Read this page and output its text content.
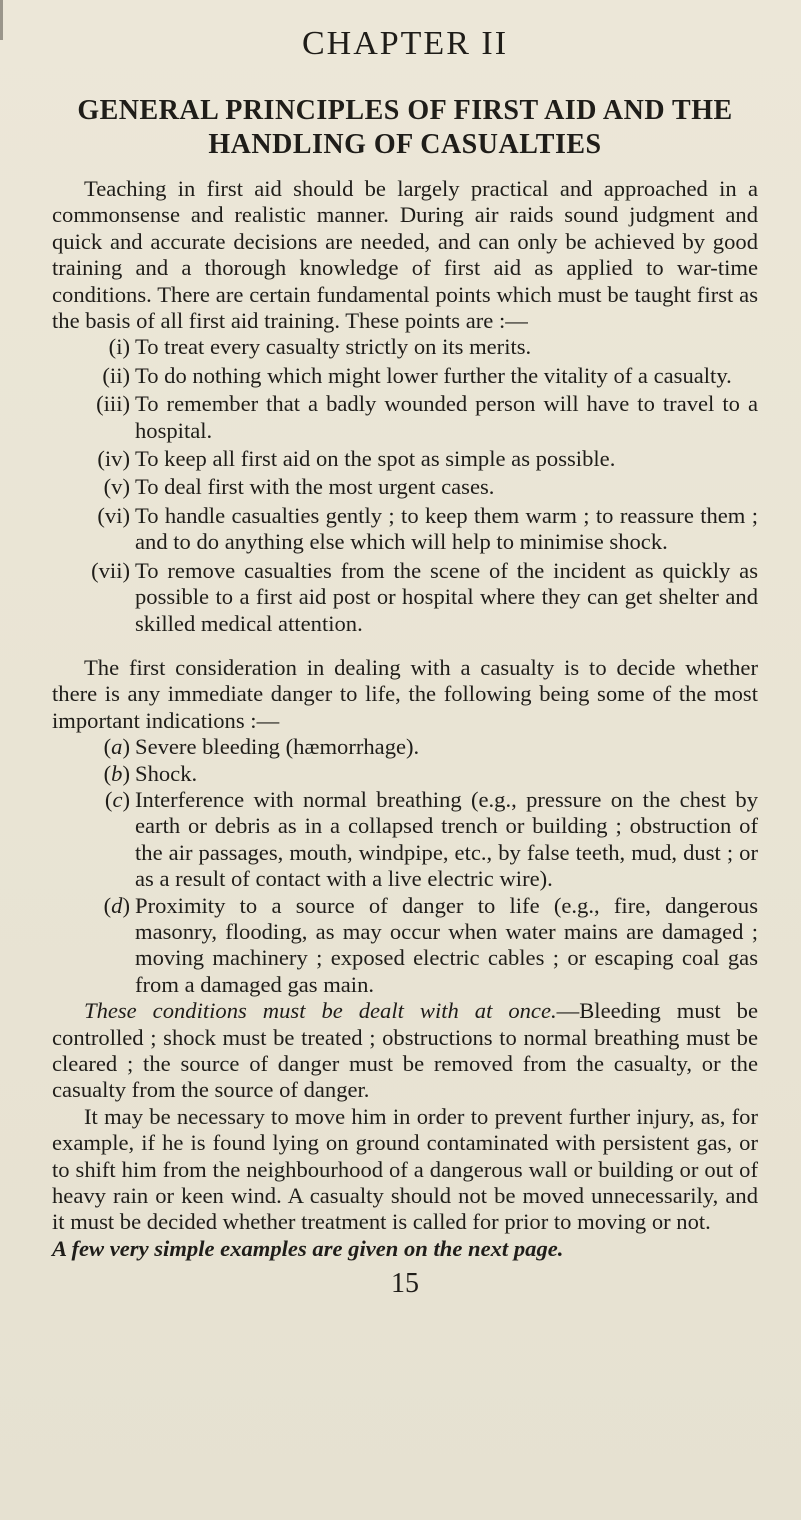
CHAPTER II
GENERAL PRINCIPLES OF FIRST AID AND THE HANDLING OF CASUALTIES

Teaching in first aid should be largely practical and approached in a commonsense and realistic manner. During air raids sound judgment and quick and accurate decisions are needed, and can only be achieved by good training and a thorough knowledge of first aid as applied to war-time conditions. There are certain fundamental points which must be taught first as the basis of all first aid training. These points are :—

(i) To treat every casualty strictly on its merits.
(ii) To do nothing which might lower further the vitality of a casualty.
(iii) To remember that a badly wounded person will have to travel to a hospital.
(iv) To keep all first aid on the spot as simple as possible.
(v) To deal first with the most urgent cases.
(vi) To handle casualties gently ; to keep them warm ; to reassure them ; and to do anything else which will help to minimise shock.
(vii) To remove casualties from the scene of the incident as quickly as possible to a first aid post or hospital where they can get shelter and skilled medical attention.

The first consideration in dealing with a casualty is to decide whether there is any immediate danger to life, the following being some of the most important indications :—

(a) Severe bleeding (hæmorrhage).
(b) Shock.
(c) Interference with normal breathing (e.g., pressure on the chest by earth or debris as in a collapsed trench or building ; obstruction of the air passages, mouth, windpipe, etc., by false teeth, mud, dust ; or as a result of contact with a live electric wire).
(d) Proximity to a source of danger to life (e.g., fire, dangerous masonry, flooding, as may occur when water mains are damaged ; moving machinery ; exposed electric cables ; or escaping coal gas from a damaged gas main.

These conditions must be dealt with at once.—Bleeding must be controlled ; shock must be treated ; obstructions to normal breathing must be cleared ; the source of danger must be removed from the casualty, or the casualty from the source of danger.

It may be necessary to move him in order to prevent further injury, as, for example, if he is found lying on ground contaminated with persistent gas, or to shift him from the neighbourhood of a dangerous wall or building or out of heavy rain or keen wind. A casualty should not be moved unnecessarily, and it must be decided whether treatment is called for prior to moving or not.

A few very simple examples are given on the next page.

15
